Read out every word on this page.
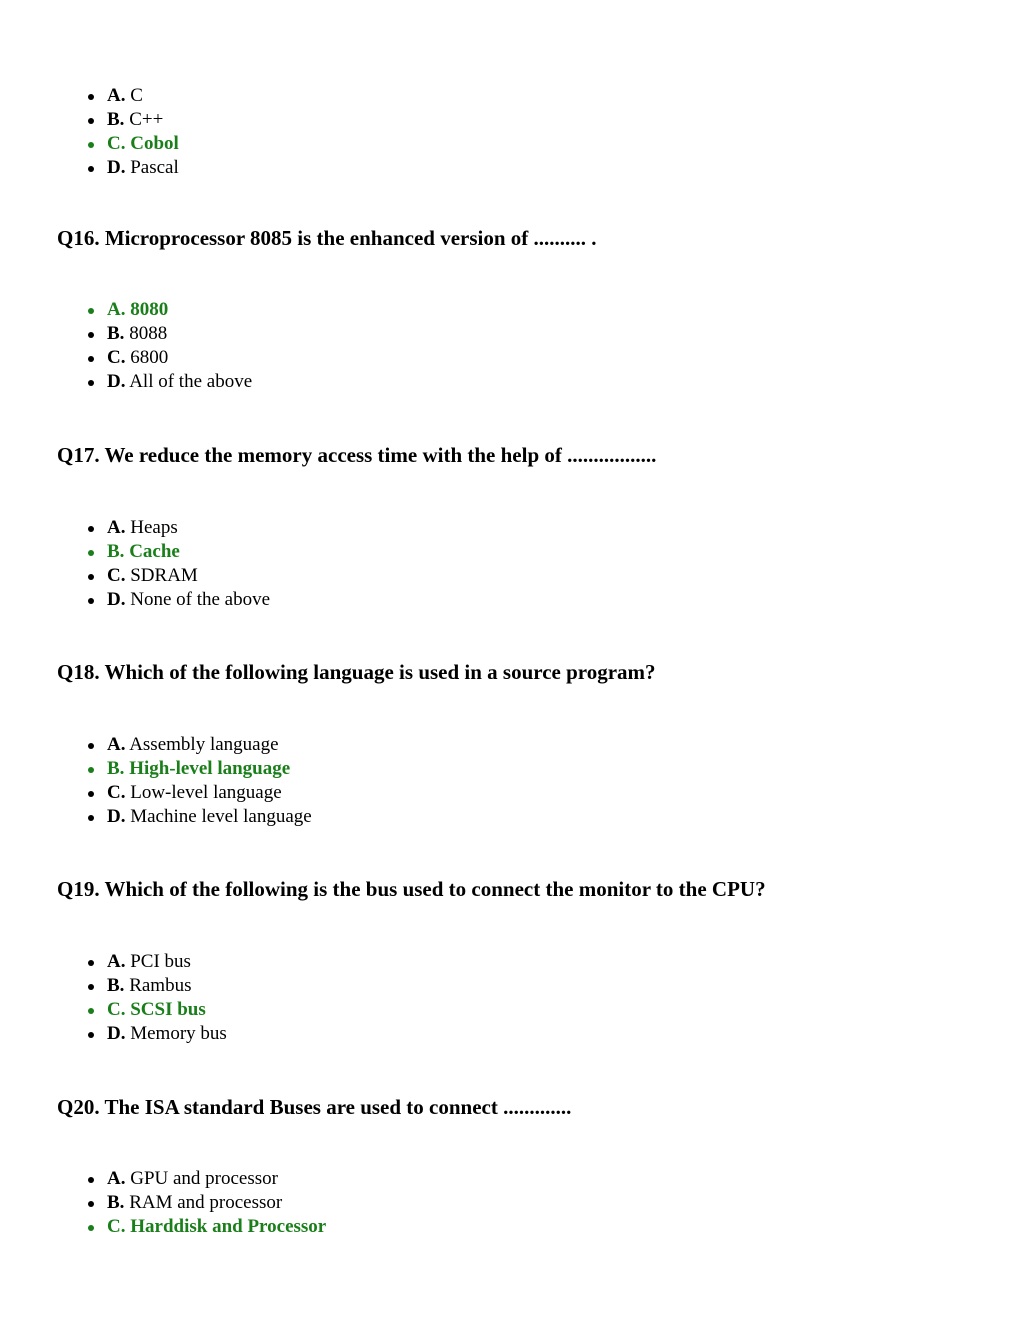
A. C
B. C++
C. Cobol
D. Pascal
Q16. Microprocessor 8085 is the enhanced version of .......... .
A. 8080
B. 8088
C. 6800
D. All of the above
Q17. We reduce the memory access time with the help of .................
A. Heaps
B. Cache
C. SDRAM
D. None of the above
Q18. Which of the following language is used in a source program?
A. Assembly language
B. High-level language
C. Low-level language
D. Machine level language
Q19. Which of the following is the bus used to connect the monitor to the CPU?
A. PCI bus
B. Rambus
C. SCSI bus
D. Memory bus
Q20. The ISA standard Buses are used to connect .............
A. GPU and processor
B. RAM and processor
C. Harddisk and Processor
